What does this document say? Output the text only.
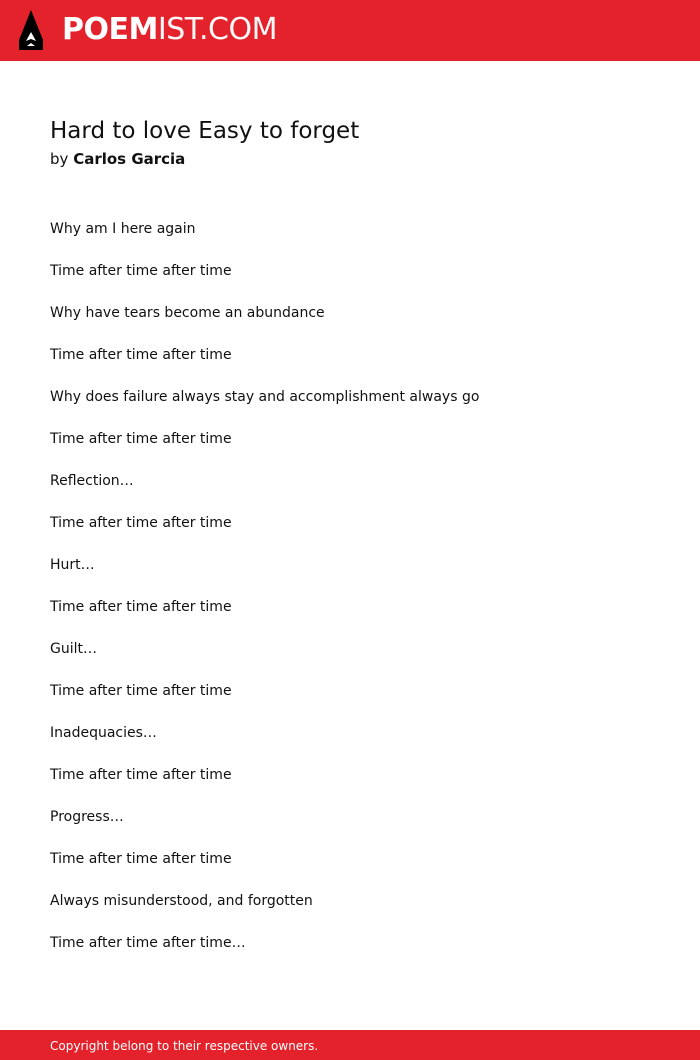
POEMIST.COM
Hard to love Easy to forget
by Carlos Garcia
Why am I here again
Time after time after time
Why have tears become an abundance
Time after time after time
Why does failure always stay and accomplishment always go
Time after time after time
Reflection…
Time after time after time
Hurt…
Time after time after time
Guilt…
Time after time after time
Inadequacies…
Time after time after time
Progress…
Time after time after time
Always misunderstood, and forgotten
Time after time after time…
Copyright belong to their respective owners.
